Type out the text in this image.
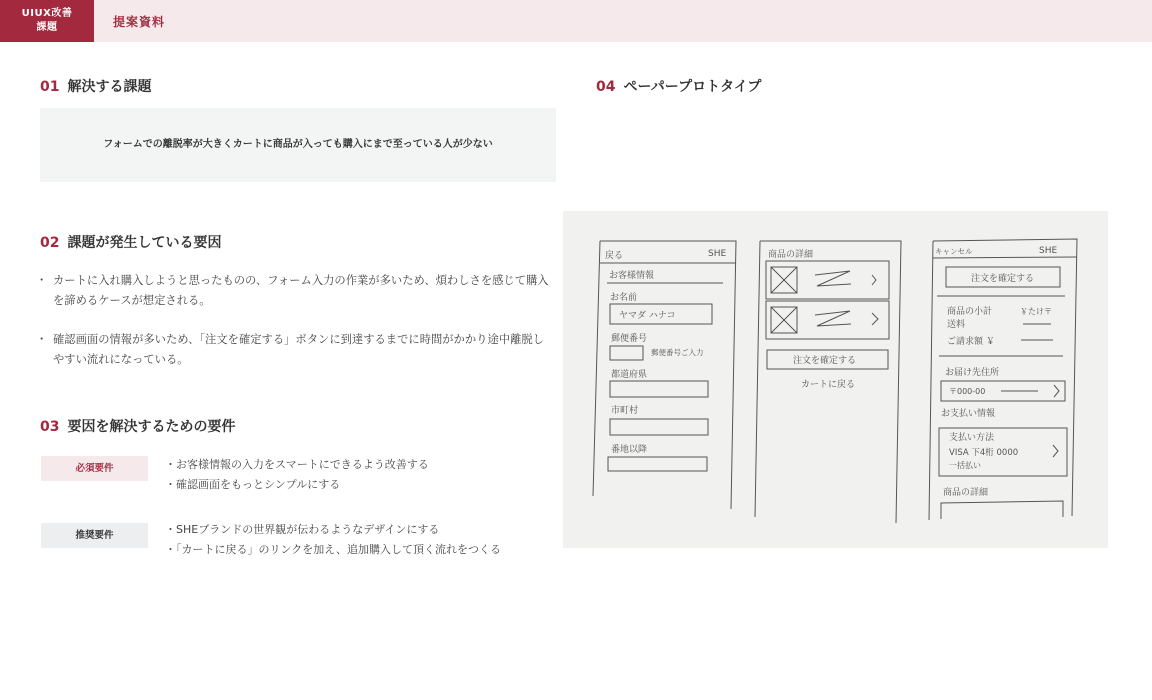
UIUX改善
課題	提案資料
01 解決する課題
フォームでの離脱率が大きくカートに商品が入っても購入にまで至っている人が少ない
02 課題が発生している要因
・ カートに入れ購入しようと思ったものの、フォーム入力の作業が多いため、煩わしさを感じて購入を諦めるケースが想定される。
・ 確認画面の情報が多いため、「注文を確定する」ボタンに到達するまでに時間がかかり途中離脱しやすい流れになっている。
03 要因を解決するための要件
必須要件	・お客様情報の入力をスマートにできるよう改善する
・確認画面をもっとシンプルにする
推奨要件	・SHEブランドの世界観が伝わるようなデザインにする
・「カートに戻る」のリンクを加え、追加購入して頂く流れをつくる
04 ペーパープロトタイプ
戻る	SHE
お客様情報
お名前
ヤマダ ハナコ
郵便番号
郵便番号ご入力
都道府県
市町村
番地以降
商品の詳細
注文を確定する
カートに戻る
キャンセル	SHE
注文を確定する
商品の小計	￥たけ〒
送料
ご請求額 ￥
お届け先住所
〒000-00
お支払い情報
支払い方法
VISA 下4桁 0000
一括払い
商品の詳細
